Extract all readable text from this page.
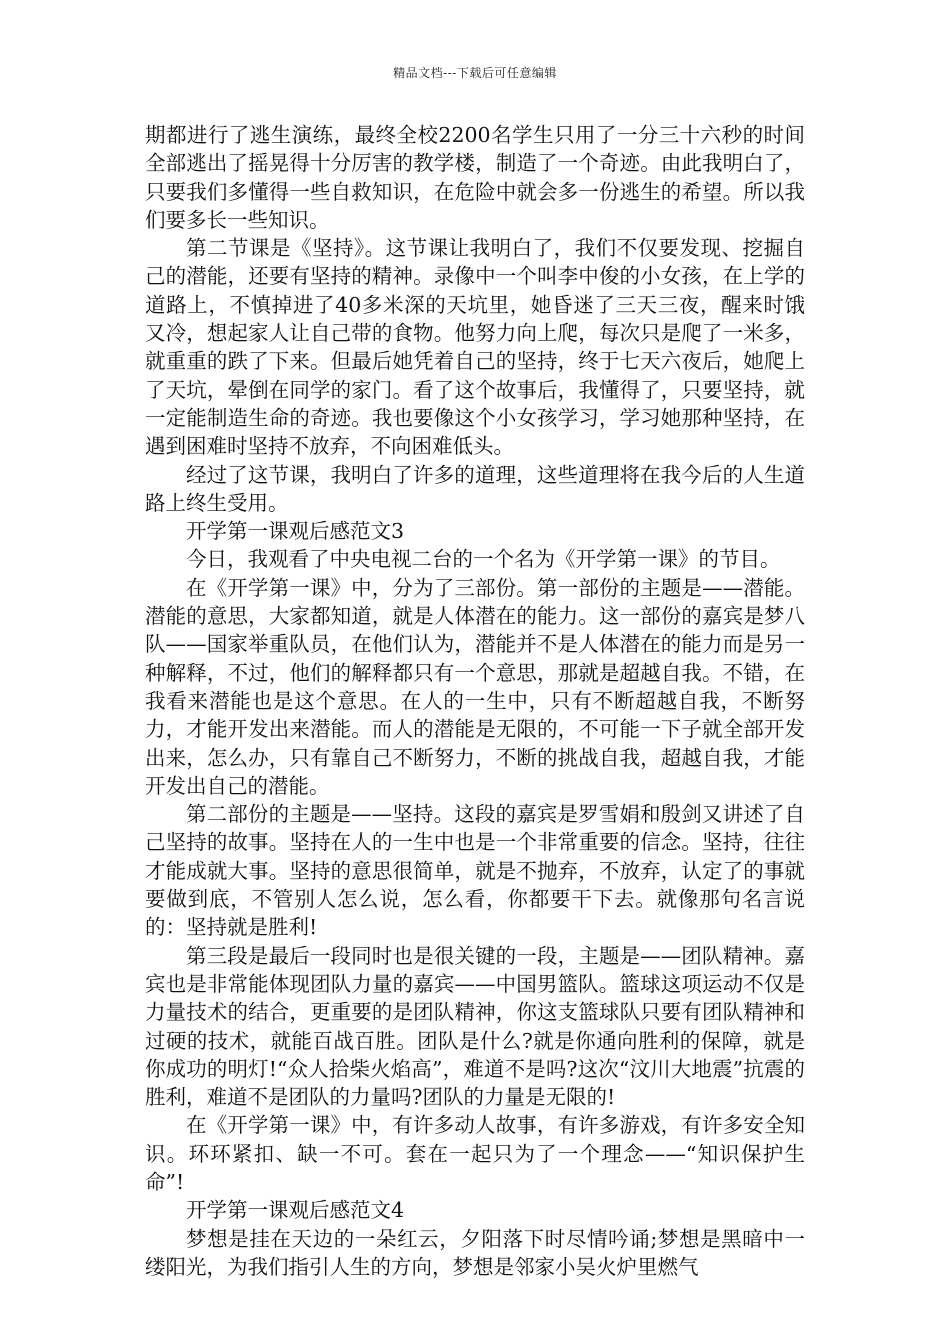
精品文档---下载后可任意编辑

期都进行了逃生演练，最终全校2200名学生只用了一分三十六秒的时间全部逃出了摇晃得十分厉害的教学楼，制造了一个奇迹。由此我明白了，只要我们多懂得一些自救知识，在危险中就会多一份逃生的希望。所以我们要多长一些知识。

第二节课是《坚持》。这节课让我明白了，我们不仅要发现、挖掘自己的潜能，还要有坚持的精神。录像中一个叫李中俊的小女孩，在上学的道路上，不慎掉进了40多米深的天坑里，她昏迷了三天三夜，醒来时饿又冷，想起家人让自己带的食物。他努力向上爬，每次只是爬了一米多，就重重的跌了下来。但最后她凭着自己的坚持，终于七天六夜后，她爬上了天坑，晕倒在同学的家门。看了这个故事后，我懂得了，只要坚持，就一定能制造生命的奇迹。我也要像这个小女孩学习，学习她那种坚持，在遇到困难时坚持不放弃，不向困难低头。

经过了这节课，我明白了许多的道理，这些道理将在我今后的人生道路上终生受用。

开学第一课观后感范文3

今日，我观看了中央电视二台的一个名为《开学第一课》的节目。

在《开学第一课》中，分为了三部份。第一部份的主题是——潜能。潜能的意思，大家都知道，就是人体潜在的能力。这一部份的嘉宾是梦八队——国家举重队员，在他们认为，潜能并不是人体潜在的能力而是另一种解释，不过，他们的解释都只有一个意思，那就是超越自我。不错，在我看来潜能也是这个意思。在人的一生中，只有不断超越自我，不断努力，才能开发出来潜能。而人的潜能是无限的，不可能一下子就全部开发出来，怎么办，只有靠自己不断努力，不断的挑战自我，超越自我，才能开发出自己的潜能。

第二部份的主题是——坚持。这段的嘉宾是罗雪娟和殷剑又讲述了自己坚持的故事。坚持在人的一生中也是一个非常重要的信念。坚持，往往才能成就大事。坚持的意思很简单，就是不抛弃，不放弃，认定了的事就要做到底，不管别人怎么说，怎么看，你都要干下去。就像那句名言说的：坚持就是胜利!

第三段是最后一段同时也是很关键的一段，主题是——团队精神。嘉宾也是非常能体现团队力量的嘉宾——中国男篮队。篮球这项运动不仅是力量技术的结合，更重要的是团队精神，你这支篮球队只要有团队精神和过硬的技术，就能百战百胜。团队是什么?就是你通向胜利的保障，就是你成功的明灯!“众人拾柴火焰高”，难道不是吗?这次“汶川大地震”抗震的胜利，难道不是团队的力量吗?团队的力量是无限的!

在《开学第一课》中，有许多动人故事，有许多游戏，有许多安全知识。环环紧扣、缺一不可。套在一起只为了一个理念——“知识保护生命”!

开学第一课观后感范文4

梦想是挂在天边的一朵红云，夕阳落下时尽情吟诵;梦想是黑暗中一缕阳光，为我们指引人生的方向，梦想是邻家小吴火炉里燃气
